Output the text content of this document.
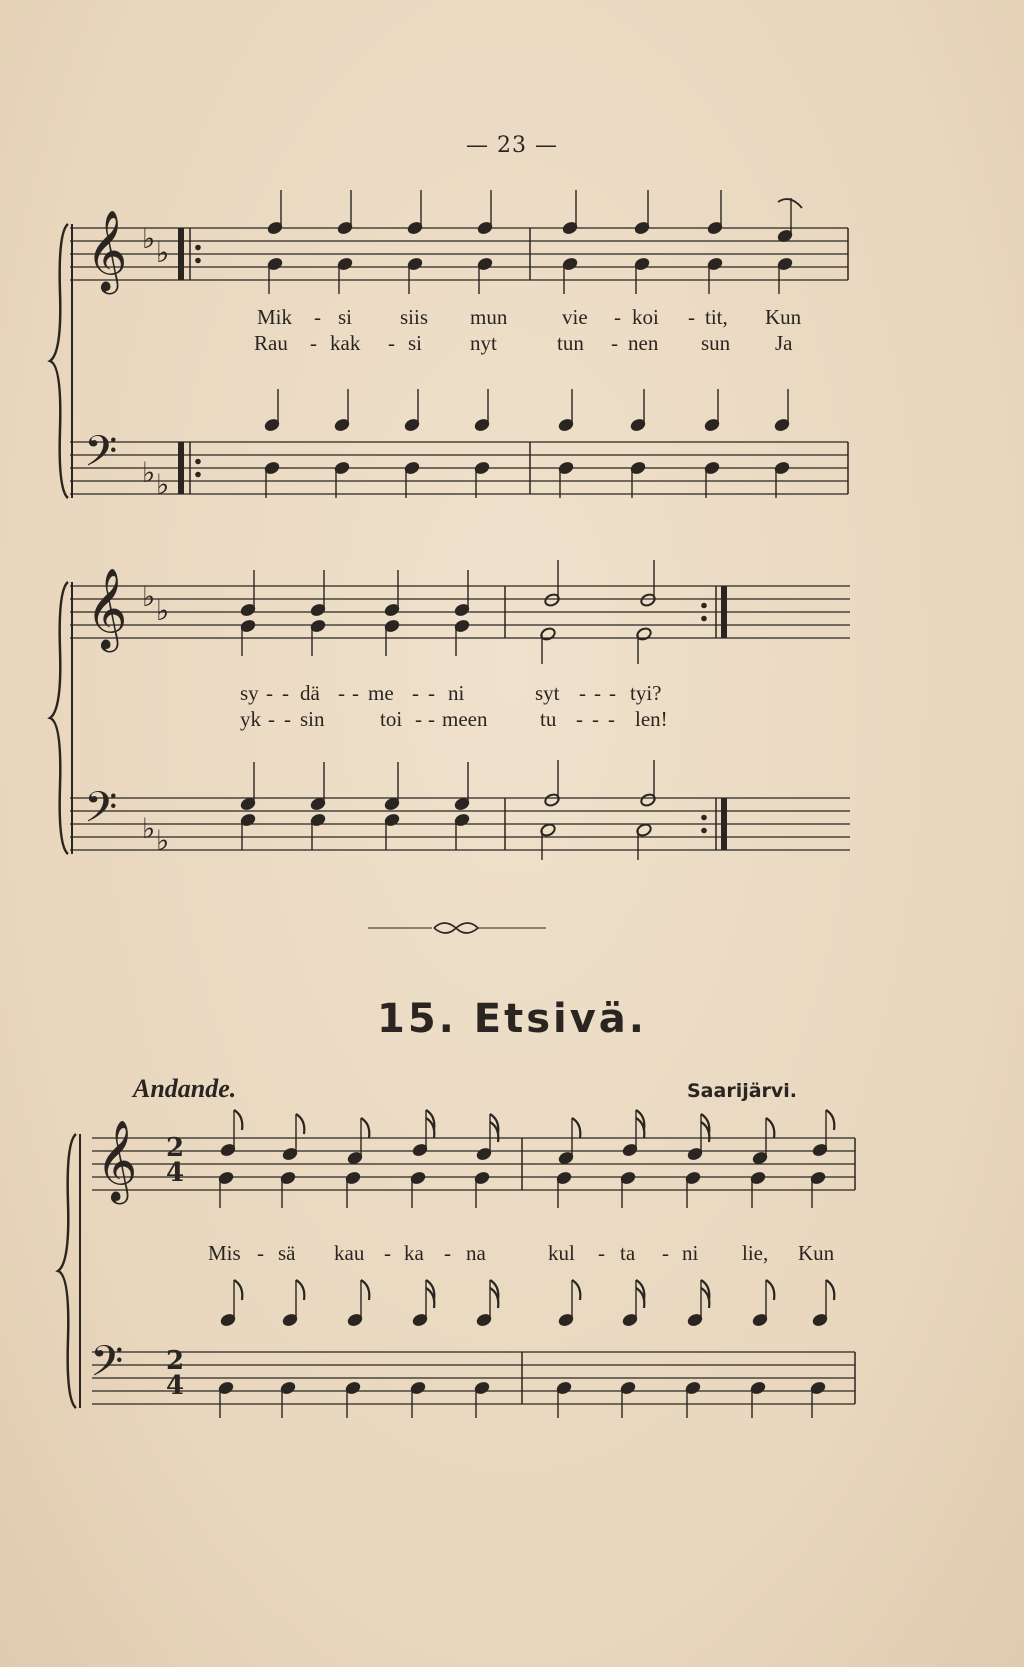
— 23 —
𝄞
𝄢
♭ ♭
♭ ♭
𝄞
𝄢
♭ ♭
♭ ♭
𝄞
𝄢
Mik - si siis mun	vie - koi - tit, Kun
Rau - kak - si nyt	tun - nen sun Ja
sy - - dä - - me - - ni	syt - - - tyi?
yk - - sin	toi - - meen	tu - - - len!
15. Etsivä.
Andande.	Saarijärvi.
2
4
2
4
Mis - sä kau - ka - na	kul - ta - ni lie, Kun
